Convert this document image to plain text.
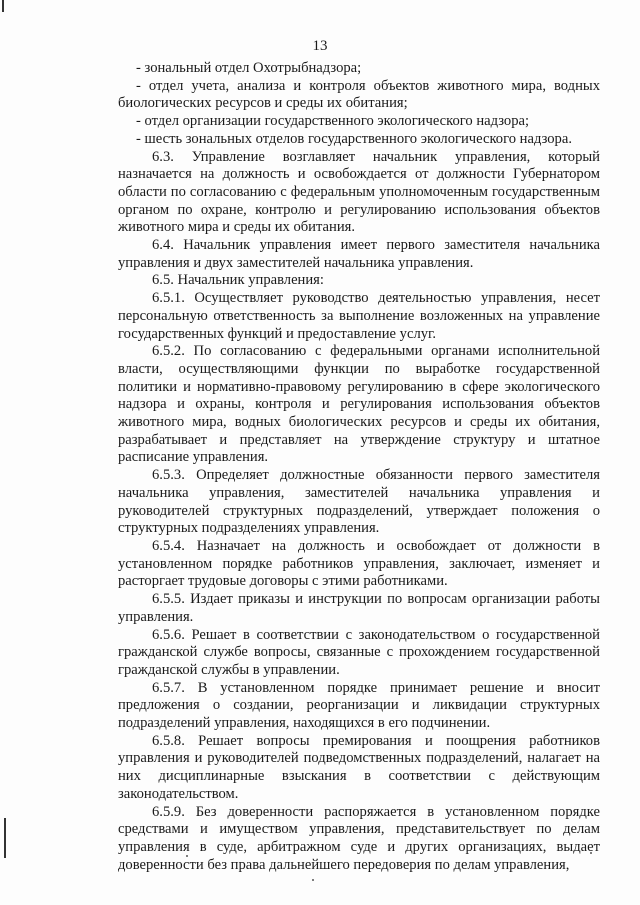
13

- зональный отдел Охотрыбнадзора;

- отдел учета, анализа и контроля объектов животного мира, водных биологических ресурсов и среды их обитания;

- отдел организации государственного экологического надзора;

- шесть зональных отделов государственного экологического надзора.

6.3. Управление возглавляет начальник управления, который назначается на должность и освобождается от должности Губернатором области по согласованию с федеральным уполномоченным государственным органом по охране, контролю и регулированию использования объектов животного мира и среды их обитания.

6.4. Начальник управления имеет первого заместителя начальника управления и двух заместителей начальника управления.

6.5. Начальник управления:

6.5.1. Осуществляет руководство деятельностью управления, несет персональную ответственность за выполнение возложенных на управление государственных функций и предоставление услуг.

6.5.2. По согласованию с федеральными органами исполнительной власти, осуществляющими функции по выработке государственной политики и нормативно-правовому регулированию в сфере экологического надзора и охраны, контроля и регулирования использования объектов животного мира, водных биологических ресурсов и среды их обитания, разрабатывает и представляет на утверждение структуру и штатное расписание управления.

6.5.3. Определяет должностные обязанности первого заместителя начальника управления, заместителей начальника управления и руководителей структурных подразделений, утверждает положения о структурных подразделениях управления.

6.5.4. Назначает на должность и освобождает от должности в установленном порядке работников управления, заключает, изменяет и расторгает трудовые договоры с этими работниками.

6.5.5. Издает приказы и инструкции по вопросам организации работы управления.

6.5.6. Решает в соответствии с законодательством о государственной гражданской службе вопросы, связанные с прохождением государственной гражданской службы в управлении.

6.5.7. В установленном порядке принимает решение и вносит предложения о создании, реорганизации и ликвидации структурных подразделений управления, находящихся в его подчинении.

6.5.8. Решает вопросы премирования и поощрения работников управления и руководителей подведомственных подразделений, налагает на них дисциплинарные взыскания в соответствии с действующим законодательством.

6.5.9. Без доверенности распоряжается в установленном порядке средствами и имуществом управления, представительствует по делам управления в суде, арбитражном суде и других организациях, выдает доверенности без права дальнейшего передоверия по делам управления,
